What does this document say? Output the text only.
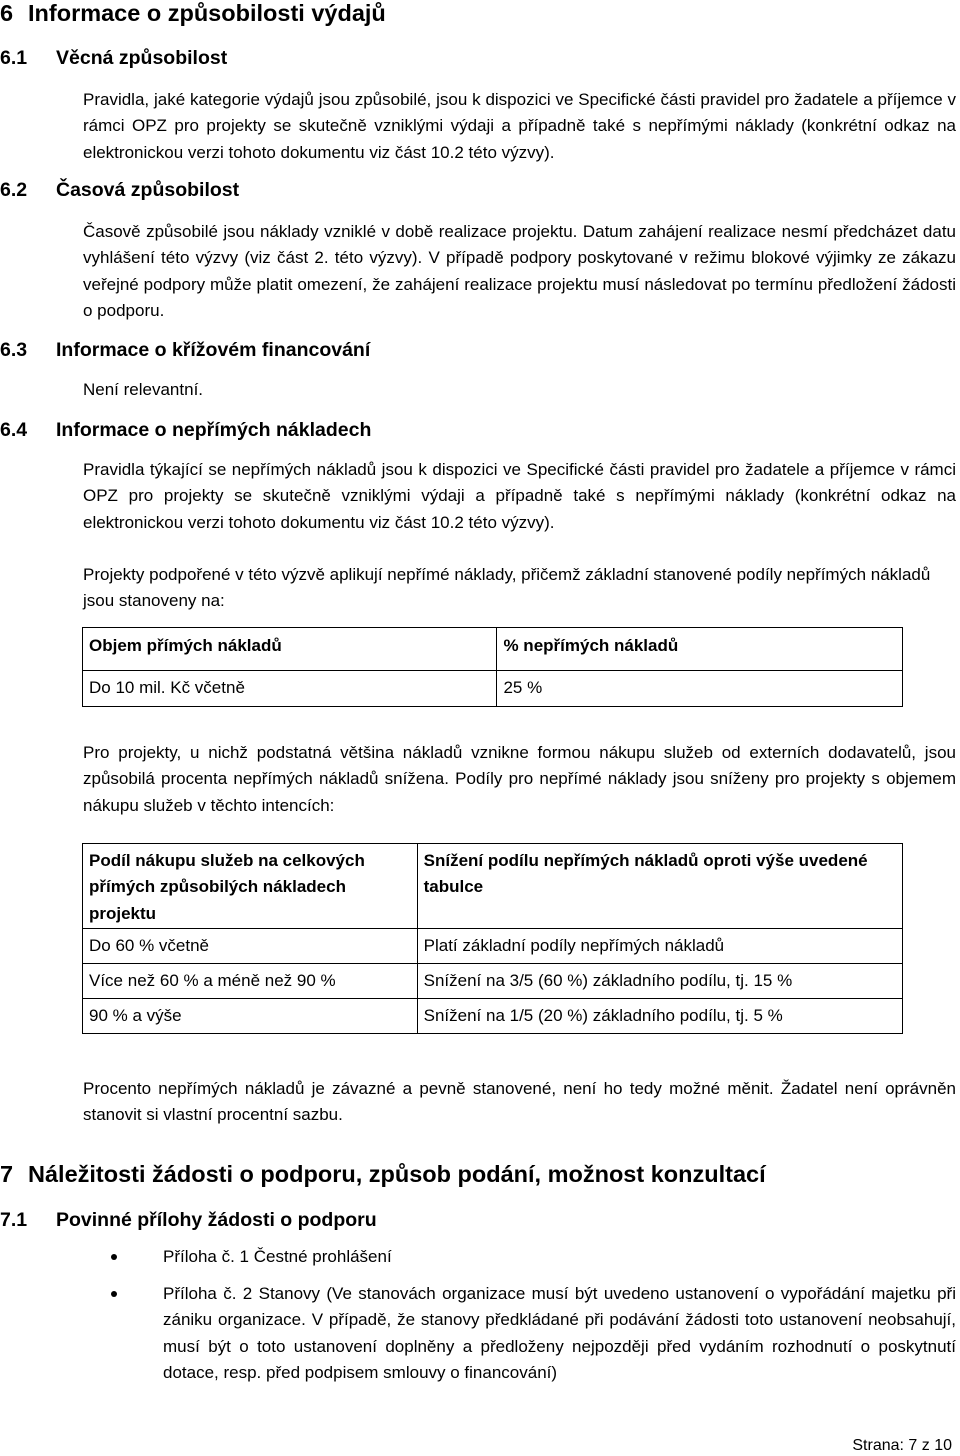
6 Informace o způsobilosti výdajů
6.1 Věcná způsobilost

Pravidla, jaké kategorie výdajů jsou způsobilé, jsou k dispozici ve Specifické části pravidel pro žadatele a příjemce v rámci OPZ pro projekty se skutečně vzniklými výdaji a případně také s nepřímými náklady (konkrétní odkaz na elektronickou verzi tohoto dokumentu viz část 10.2 této výzvy).

6.2 Časová způsobilost

Časově způsobilé jsou náklady vzniklé v době realizace projektu. Datum zahájení realizace nesmí předcházet datu vyhlášení této výzvy (viz část 2. této výzvy). V případě podpory poskytované v režimu blokové výjimky ze zákazu veřejné podpory může platit omezení, že zahájení realizace projektu musí následovat po termínu předložení žádosti o podporu.

6.3 Informace o křížovém financování

Není relevantní.

6.4 Informace o nepřímých nákladech

Pravidla týkající se nepřímých nákladů jsou k dispozici ve Specifické části pravidel pro žadatele a příjemce v rámci OPZ pro projekty se skutečně vzniklými výdaji a případně také s nepřímými náklady (konkrétní odkaz na elektronickou verzi tohoto dokumentu viz část 10.2 této výzvy).

Projekty podpořené v této výzvě aplikují nepřímé náklady, přičemž základní stanovené podíly nepřímých nákladů jsou stanoveny na:

Objem přímých nákladů	% nepřímých nákladů
Do 10 mil. Kč včetně	25 %

Pro projekty, u nichž podstatná většina nákladů vznikne formou nákupu služeb od externích dodavatelů, jsou způsobilá procenta nepřímých nákladů snížena. Podíly pro nepřímé náklady jsou sníženy pro projekty s objemem nákupu služeb v těchto intencích:

Podíl nákupu služeb na celkových přímých způsobilých nákladech projektu	Snížení podílu nepřímých nákladů oproti výše uvedené tabulce
Do 60 % včetně	Platí základní podíly nepřímých nákladů
Více než 60 % a méně než 90 %	Snížení na 3/5 (60 %) základního podílu, tj. 15 %
90 % a výše	Snížení na 1/5 (20 %) základního podílu, tj. 5 %

Procento nepřímých nákladů je závazné a pevně stanovené, není ho tedy možné měnit. Žadatel není oprávněn stanovit si vlastní procentní sazbu.

7 Náležitosti žádosti o podporu, způsob podání, možnost konzultací
7.1 Povinné přílohy žádosti o podporu
Příloha č. 1 Čestné prohlášení
Příloha č. 2 Stanovy (Ve stanovách organizace musí být uvedeno ustanovení o vypořádání majetku při zániku organizace. V případě, že stanovy předkládané při podávání žádosti toto ustanovení neobsahují, musí být o toto ustanovení doplněny a předloženy nejpozději před vydáním rozhodnutí o poskytnutí dotace, resp. před podpisem smlouvy o financování)
Strana: 7 z 10
